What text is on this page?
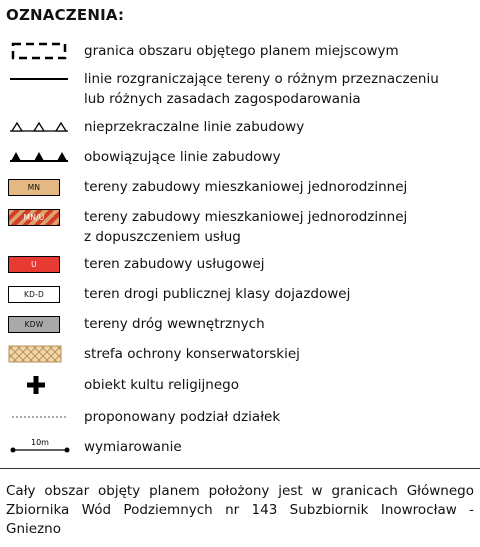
OZNACZENIA:
granica obszaru objętego planem miejscowym
linie rozgraniczające tereny o różnym przeznaczeniu
lub różnych zasadach zagospodarowania
nieprzekraczalne linie zabudowy
obowiązujące linie zabudowy
MN	tereny zabudowy mieszkaniowej jednorodzinnej
MN/U	tereny zabudowy mieszkaniowej jednorodzinnej
z dopuszczeniem usług
U	teren zabudowy usługowej
KD-D	teren drogi publicznej klasy dojazdowej
KDW	tereny dróg wewnętrznych
strefa ochrony konserwatorskiej
obiekt kultu religijnego
proponowany podział działek
10m	wymiarowanie
Cały obszar objęty planem położony jest w granicach Głównego Zbiornika Wód Podziemnych nr 143 Subzbiornik Inowrocław - Gniezno
